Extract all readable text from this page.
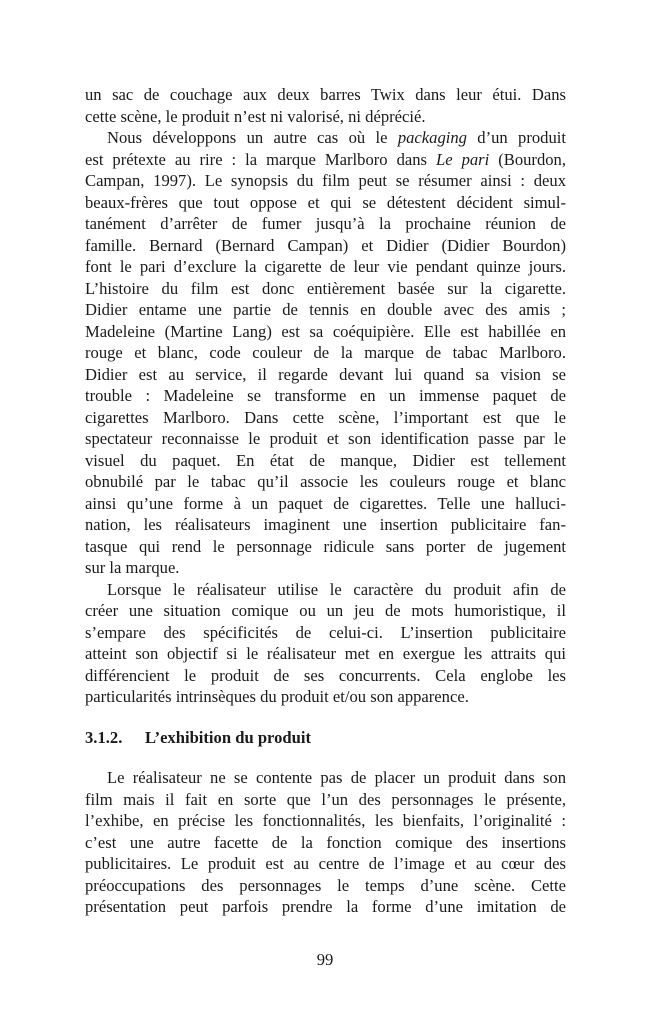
un sac de couchage aux deux barres Twix dans leur étui. Dans
cette scène, le produit n’est ni valorisé, ni déprécié.
Nous développons un autre cas où le packaging d’un produit
est prétexte au rire : la marque Marlboro dans Le pari (Bourdon,
Campan, 1997). Le synopsis du film peut se résumer ainsi : deux
beaux-frères que tout oppose et qui se détestent décident simul-
tanément d’arrêter de fumer jusqu’à la prochaine réunion de
famille. Bernard (Bernard Campan) et Didier (Didier Bourdon)
font le pari d’exclure la cigarette de leur vie pendant quinze jours.
L’histoire du film est donc entièrement basée sur la cigarette.
Didier entame une partie de tennis en double avec des amis ;
Madeleine (Martine Lang) est sa coéquipière. Elle est habillée en
rouge et blanc, code couleur de la marque de tabac Marlboro.
Didier est au service, il regarde devant lui quand sa vision se
trouble : Madeleine se transforme en un immense paquet de
cigarettes Marlboro. Dans cette scène, l’important est que le
spectateur reconnaisse le produit et son identification passe par le
visuel du paquet. En état de manque, Didier est tellement
obnubilé par le tabac qu’il associe les couleurs rouge et blanc
ainsi qu’une forme à un paquet de cigarettes. Telle une halluci-
nation, les réalisateurs imaginent une insertion publicitaire fan-
tasque qui rend le personnage ridicule sans porter de jugement
sur la marque.
Lorsque le réalisateur utilise le caractère du produit afin de
créer une situation comique ou un jeu de mots humoristique, il
s’empare des spécificités de celui-ci. L’insertion publicitaire
atteint son objectif si le réalisateur met en exergue les attraits qui
différencient le produit de ses concurrents. Cela englobe les
particularités intrinsèques du produit et/ou son apparence.
3.1.2. L’exhibition du produit
Le réalisateur ne se contente pas de placer un produit dans son
film mais il fait en sorte que l’un des personnages le présente,
l’exhibe, en précise les fonctionnalités, les bienfaits, l’originalité :
c’est une autre facette de la fonction comique des insertions
publicitaires. Le produit est au centre de l’image et au cœur des
préoccupations des personnages le temps d’une scène. Cette
présentation peut parfois prendre la forme d’une imitation de
99
